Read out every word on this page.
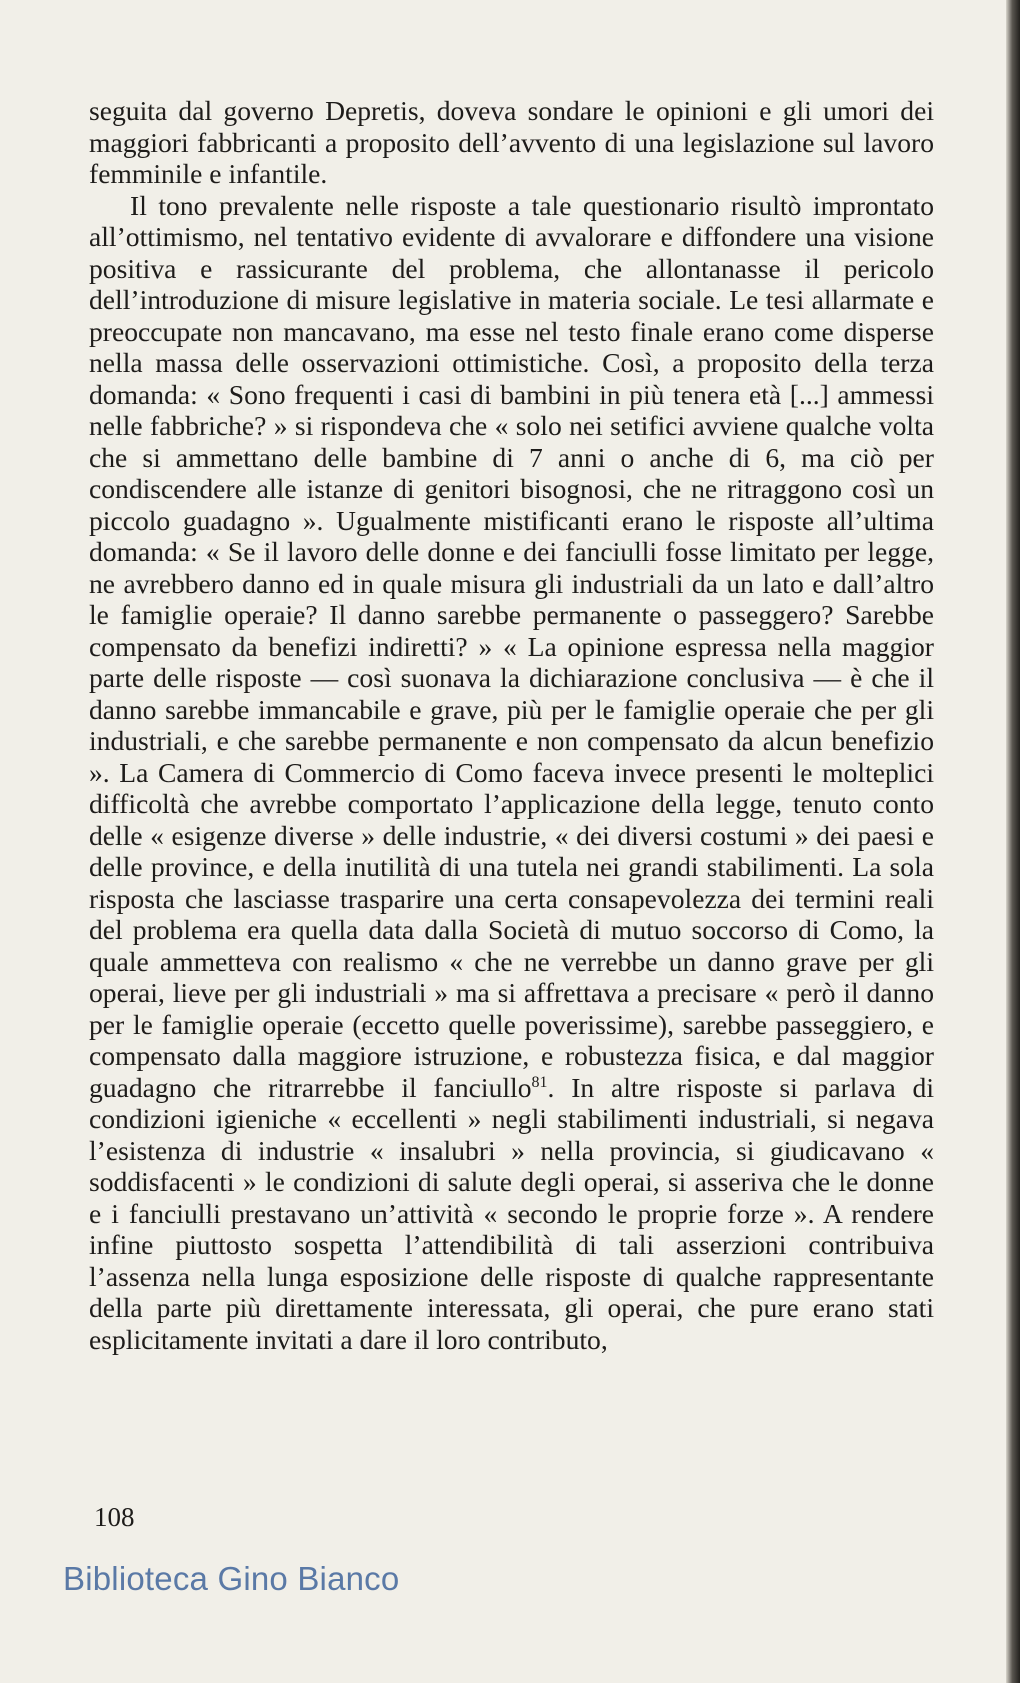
seguita dal governo Depretis, doveva sondare le opinioni e gli umori dei maggiori fabbricanti a proposito dell’avvento di una legislazione sul lavoro femminile e infantile.

Il tono prevalente nelle risposte a tale questionario risultò improntato all’ottimismo, nel tentativo evidente di avvalorare e diffondere una visione positiva e rassicurante del problema, che allontanasse il pericolo dell’introduzione di misure legislative in materia sociale. Le tesi allarmate e preoccupate non mancavano, ma esse nel testo finale erano come disperse nella massa delle osservazioni ottimistiche. Così, a proposito della terza domanda: « Sono frequenti i casi di bambini in più tenera età [...] ammessi nelle fabbriche? » si rispondeva che « solo nei setifici avviene qualche volta che si ammettano delle bambine di 7 anni o anche di 6, ma ciò per condiscendere alle istanze di genitori bisognosi, che ne ritraggono così un piccolo guadagno ». Ugualmente mistificanti erano le risposte all’ultima domanda: « Se il lavoro delle donne e dei fanciulli fosse limitato per legge, ne avrebbero danno ed in quale misura gli industriali da un lato e dall’altro le famiglie operaie? Il danno sarebbe permanente o passeggero? Sarebbe compensato da benefizi indiretti? » « La opinione espressa nella maggior parte delle risposte — così suonava la dichiarazione conclusiva — è che il danno sarebbe immancabile e grave, più per le famiglie operaie che per gli industriali, e che sarebbe permanente e non compensato da alcun benefizio ». La Camera di Commercio di Como faceva invece presenti le molteplici difficoltà che avrebbe comportato l’applicazione della legge, tenuto conto delle « esigenze diverse » delle industrie, « dei diversi costumi » dei paesi e delle province, e della inutilità di una tutela nei grandi stabilimenti. La sola risposta che lasciasse trasparire una certa consapevolezza dei termini reali del problema era quella data dalla Società di mutuo soccorso di Como, la quale ammetteva con realismo « che ne verrebbe un danno grave per gli operai, lieve per gli industriali » ma si affrettava a precisare « però il danno per le famiglie operaie (eccetto quelle poverissime), sarebbe passeggiero, e compensato dalla maggiore istruzione, e robustezza fisica, e dal maggior guadagno che ritrarrebbe il fanciullo$^{81}$. In altre risposte si parlava di condizioni igieniche « eccellenti » negli stabilimenti industriali, si negava l’esistenza di industrie « insalubri » nella provincia, si giudicavano « soddisfacenti » le condizioni di salute degli operai, si asseriva che le donne e i fanciulli prestavano un’attività « secondo le proprie forze ». A rendere infine piuttosto sospetta l’attendibilità di tali asserzioni contribuiva l’assenza nella lunga esposizione delle risposte di qualche rappresentante della parte più direttamente interessata, gli operai, che pure erano stati esplicitamente invitati a dare il loro contributo,

108
Biblioteca Gino Bianco
